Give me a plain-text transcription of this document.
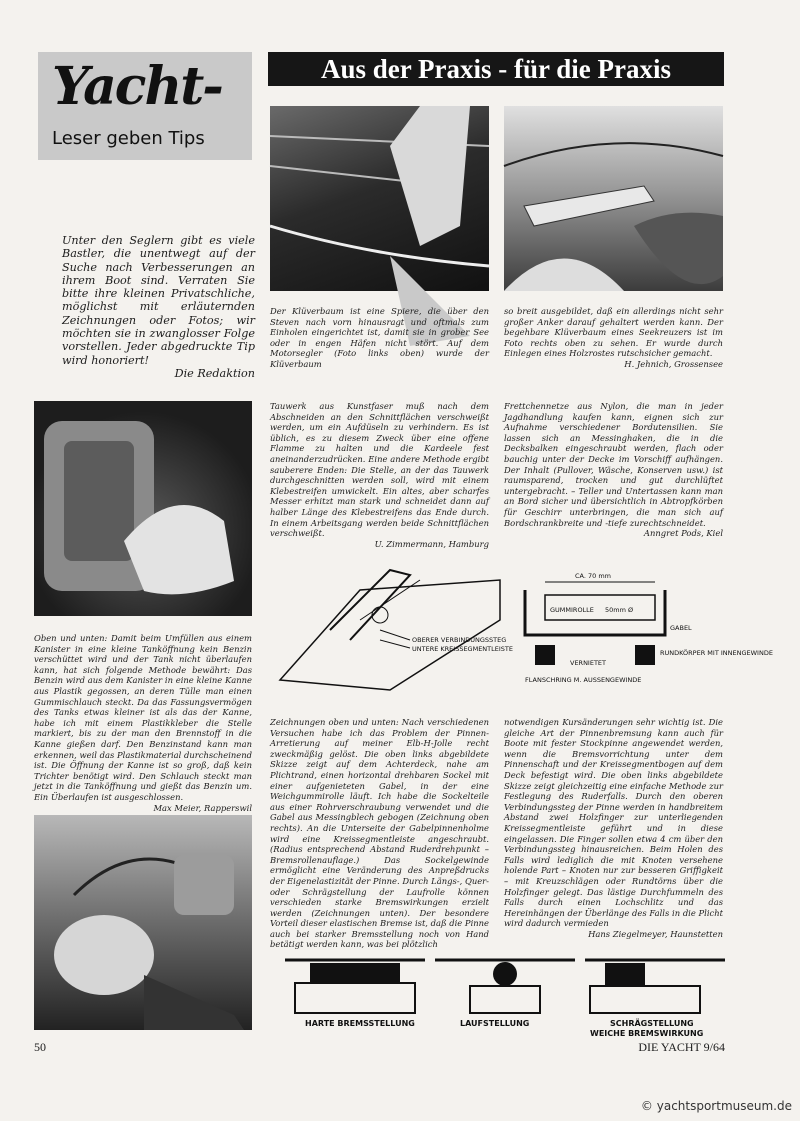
Yacht-
Leser geben Tips
Aus der Praxis - für die Praxis
Unter den Seglern gibt es viele Bastler, die unentwegt auf der Suche nach Verbesserungen an ihrem Boot sind. Verraten Sie bitte ihre kleinen Privatschliche, möglichst mit erläuternden Zeichnungen oder Fotos; wir möchten sie in zwanglosser Folge vorstellen. Jeder abgedruckte Tip wird honoriert!
Die Redaktion
Der Klüverbaum ist eine Spiere, die über den Steven nach vorn hinausragt und oftmals zum Einholen eingerichtet ist, damit sie in grober See oder in engen Häfen nicht stört. Auf dem Motorsegler (Foto links oben) wurde der Klüverbaum
so breit ausgebildet, daß ein allerdings nicht sehr großer Anker darauf gehaltert werden kann. Der begehbare Klüverbaum eines Seekreuzers ist im Foto rechts oben zu sehen. Er wurde durch Einlegen eines Holzrostes rutschsicher gemacht.
H. Jehnich, Grossensee
Oben und unten: Damit beim Umfüllen aus einem Kanister in eine kleine Tanköffnung kein Benzin verschüttet wird und der Tank nicht überlaufen kann, hat sich folgende Methode bewährt: Das Benzin wird aus dem Kanister in eine kleine Kanne aus Plastik gegossen, an deren Tülle man einen Gummischlauch steckt. Da das Fassungsvermögen des Tanks etwas kleiner ist als das der Kanne, habe ich mit einem Plastikkleber die Stelle markiert, bis zu der man den Brennstoff in die Kanne gießen darf. Den Benzinstand kann man erkennen, weil das Plastikmaterial durchscheinend ist. Die Öffnung der Kanne ist so groß, daß kein Trichter benötigt wird. Den Schlauch steckt man jetzt in die Tanköffnung und gießt das Benzin um. Ein Überlaufen ist ausgeschlossen.
Max Meier, Rapperswil
Tauwerk aus Kunstfaser muß nach dem Abschneiden an den Schnittflächen verschweißt werden, um ein Aufdüseln zu verhindern. Es ist üblich, es zu diesem Zweck über eine offene Flamme zu halten und die Kardeele fest aneinanderzudrücken. Eine andere Methode ergibt sauberere Enden: Die Stelle, an der das Tauwerk durchgeschnitten werden soll, wird mit einem Klebestreifen umwickelt. Ein altes, aber scharfes Messer erhitzt man stark und schneidet dann auf halber Länge des Klebestreifens das Ende durch. In einem Arbeitsgang werden beide Schnittflächen verschweißt.
U. Zimmermann, Hamburg
Frettchennetze aus Nylon, die man in jeder Jagdhandlung kaufen kann, eignen sich zur Aufnahme verschiedener Bordutensilien. Sie lassen sich an Messinghaken, die in die Decksbalken eingeschraubt werden, flach oder bauchig unter der Decke im Vorschiff aufhängen. Der Inhalt (Pullover, Wäsche, Konserven usw.) ist raumsparend, trocken und gut durchlüftet untergebracht. – Teller und Untertassen kann man an Bord sicher und übersichtlich in Abtropfkörben für Geschirr unterbringen, die man sich auf Bordschrankbreite und -tiefe zurechtschneidet.
Anngret Pods, Kiel
OBERER VERBINDUNGSSTEG
UNTERE KREISSEGMENTLEISTE
CA. 70 mm
GUMMIROLLE 50mm Ø
GABEL
VERNIETET
RUNDKÖRPER MIT INNENGEWINDE
FLANSCHRING M. AUSSENGEWINDE
Zeichnungen oben und unten: Nach verschiedenen Versuchen habe ich das Problem der Pinnen-Arretierung auf meiner Elb-H-Jolle recht zweckmäßig gelöst. Die oben links abgebildete Skizze zeigt auf dem Achterdeck, nahe am Plichtrand, einen horizontal drehbaren Sockel mit einer aufgenieteten Gabel, in der eine Weichgummirolle läuft. Ich habe die Sockelteile aus einer Rohrverschraubung verwendet und die Gabel aus Messingblech gebogen (Zeichnung oben rechts). An die Unterseite der Gabelpinnenholme wird eine Kreissegmentleiste angeschraubt. (Radius entsprechend Abstand Ruderdrehpunkt – Bremsrollenauflage.) Das Sockelgewinde ermöglicht eine Veränderung des Anpreßdrucks der Eigenelastizität der Pinne. Durch Längs-, Quer- oder Schrägstellung der Laufrolle können verschieden starke Bremswirkungen erzielt werden (Zeichnungen unten). Der besondere Vorteil dieser elastischen Bremse ist, daß die Pinne auch bei starker Bremsstellung noch von Hand betätigt werden kann, was bei plötzlich
notwendigen Kursänderungen sehr wichtig ist. Die gleiche Art der Pinnenbremsung kann auch für Boote mit fester Stockpinne angewendet werden, wenn die Bremsvorrichtung unter dem Pinnenschaft und der Kreissegmentbogen auf dem Deck befestigt wird. Die oben links abgebildete Skizze zeigt gleichzeitig eine einfache Methode zur Festlegung des Ruderfalls. Durch den oberen Verbindungssteg der Pinne werden in handbreitem Abstand zwei Holzfinger zur unterliegenden Kreissegmentleiste geführt und in diese eingelassen. Die Finger sollen etwa 4 cm über den Verbindungssteg hinausreichen. Beim Holen des Falls wird lediglich die mit Knoten versehene holende Part – Knoten nur zur besseren Griffigkeit – mit Kreuzschlägen oder Rundtörns über die Holzfinger gelegt. Das lästige Durchfummeln des Falls durch einen Lochschlitz und das Hereinhängen der Überlänge des Falls in die Plicht wird dadurch vermieden
Hans Ziegelmeyer, Haunstetten
HARTE BREMSSTELLUNG	LAUFSTELLUNG	SCHRÄGSTELLUNG
WEICHE BREMSWIRKUNG
50	DIE YACHT 9/64
© yachtsportmuseum.de
